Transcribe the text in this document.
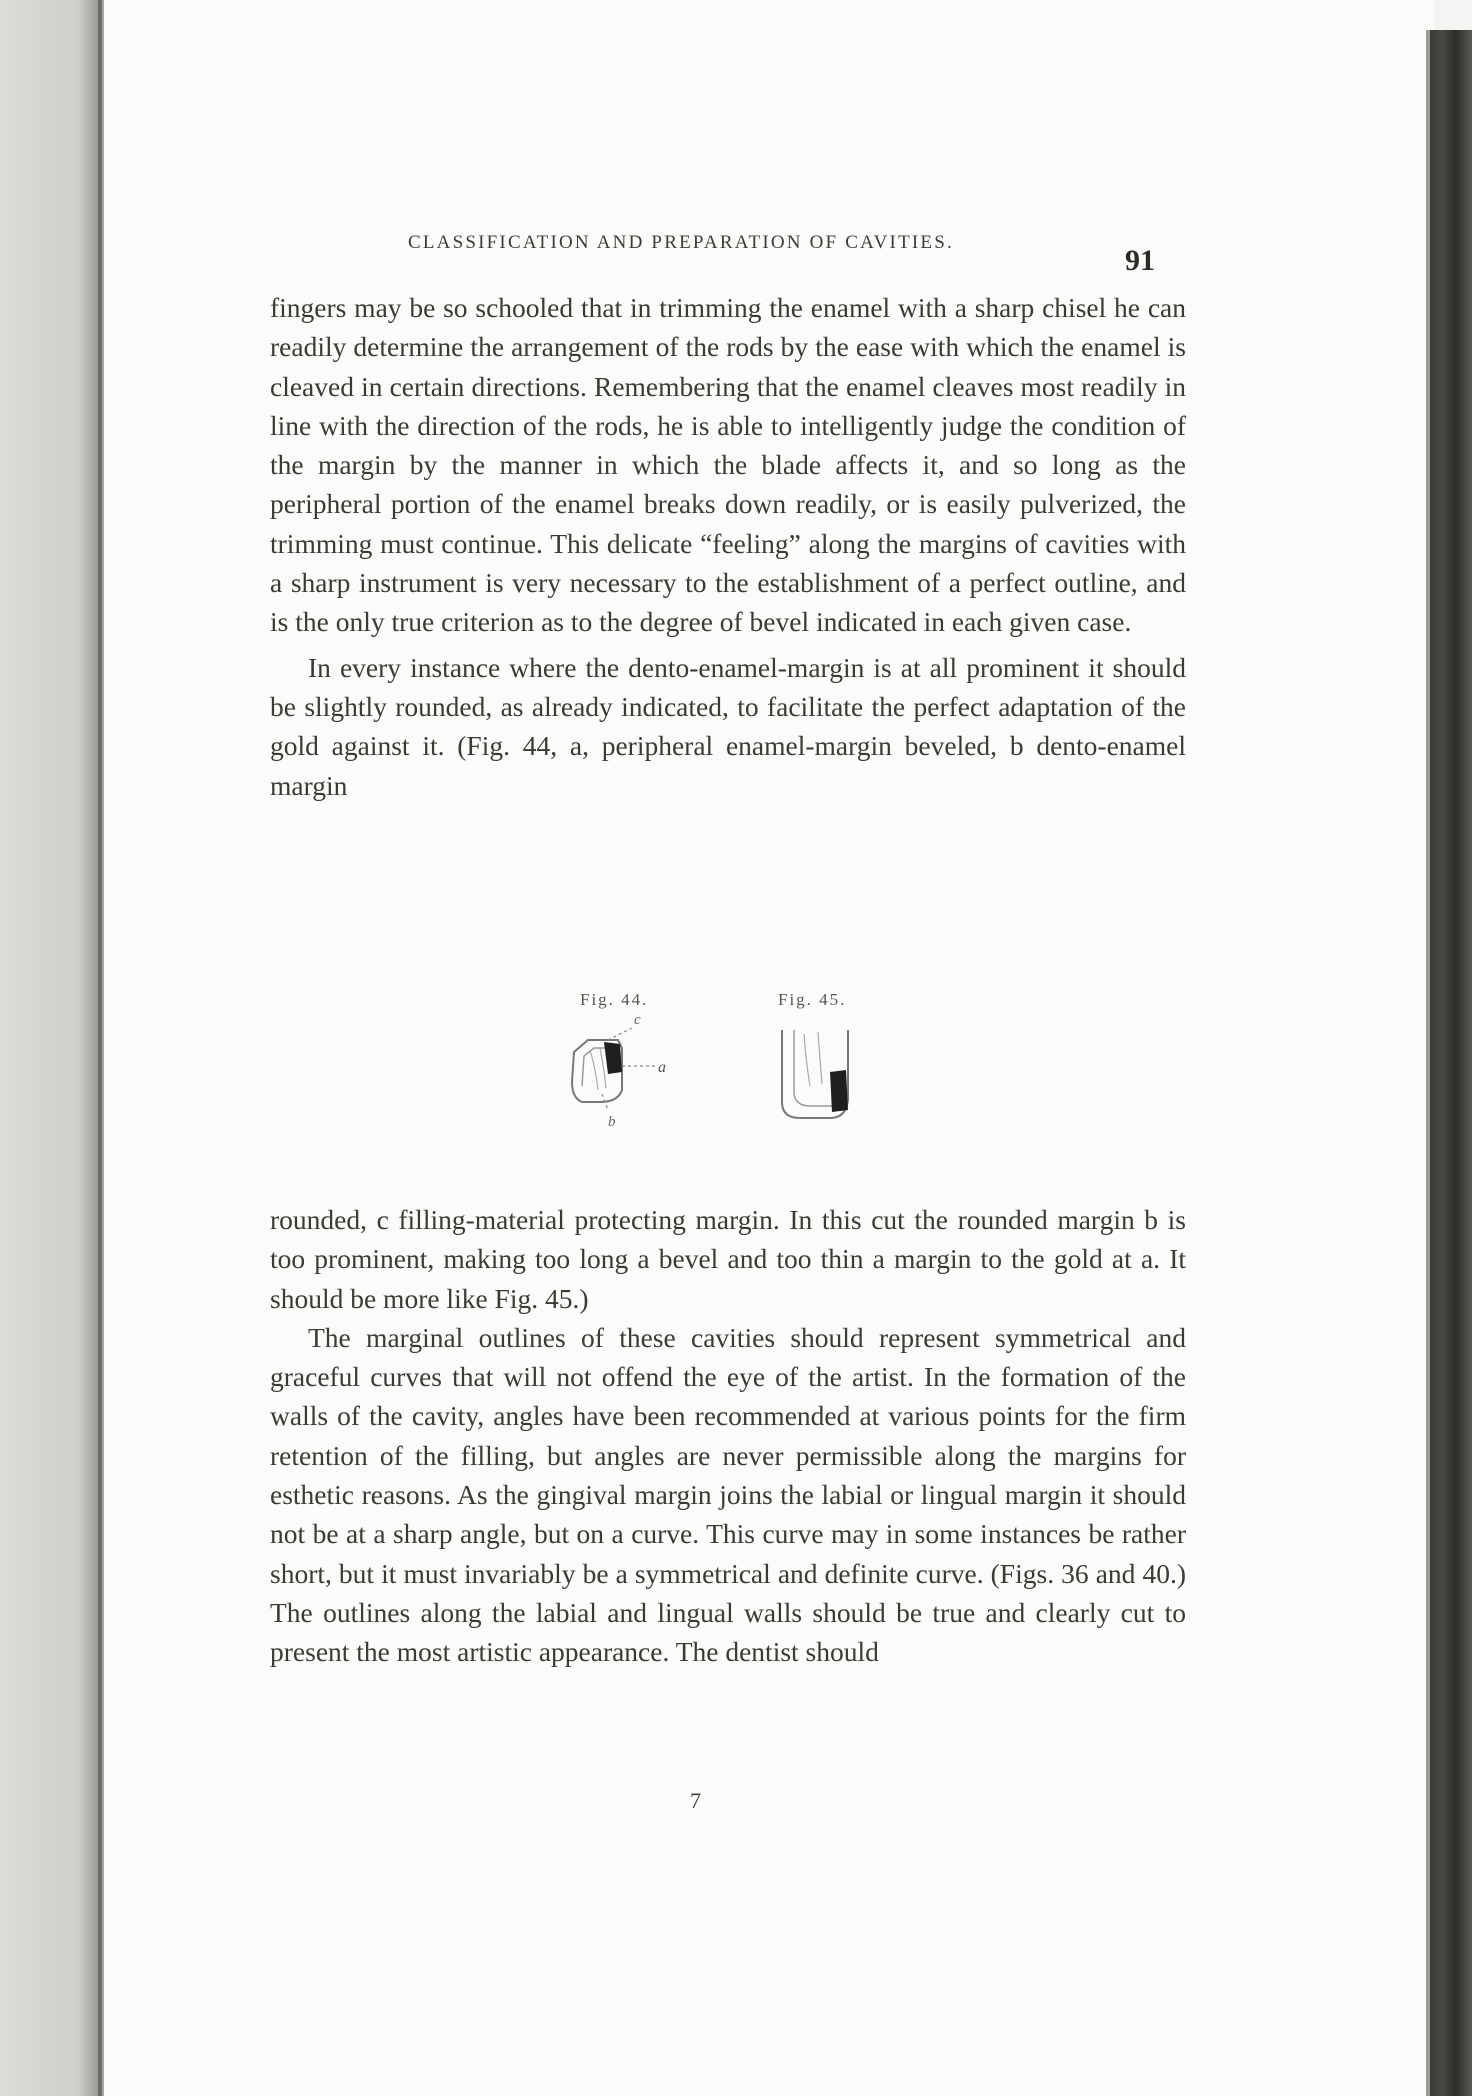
CLASSIFICATION AND PREPARATION OF CAVITIES.
91

fingers may be so schooled that in trimming the enamel with a sharp chisel he can readily determine the arrangement of the rods by the ease with which the enamel is cleaved in certain directions. Remembering that the enamel cleaves most readily in line with the direction of the rods, he is able to intelligently judge the condition of the margin by the manner in which the blade affects it, and so long as the peripheral portion of the enamel breaks down readily, or is easily pulverized, the trimming must continue. This delicate “feeling” along the margins of cavities with a sharp instrument is very necessary to the establishment of a perfect outline, and is the only true criterion as to the degree of bevel indicated in each given case.

In every instance where the dento-enamel-margin is at all prominent it should be slightly rounded, as already indicated, to facilitate the perfect adaptation of the gold against it. (Fig. 44, a, peripheral enamel-margin beveled, b dento-enamel margin

Fig. 44.	Fig. 45.
c
a
b

rounded, c filling-material protecting margin. In this cut the rounded margin b is too prominent, making too long a bevel and too thin a margin to the gold at a. It should be more like Fig. 45.)

The marginal outlines of these cavities should represent symmetrical and graceful curves that will not offend the eye of the artist. In the formation of the walls of the cavity, angles have been recommended at various points for the firm retention of the filling, but angles are never permissible along the margins for esthetic reasons. As the gingival margin joins the labial or lingual margin it should not be at a sharp angle, but on a curve. This curve may in some instances be rather short, but it must invariably be a symmetrical and definite curve. (Figs. 36 and 40.) The outlines along the labial and lingual walls should be true and clearly cut to present the most artistic appearance. The dentist should

7
